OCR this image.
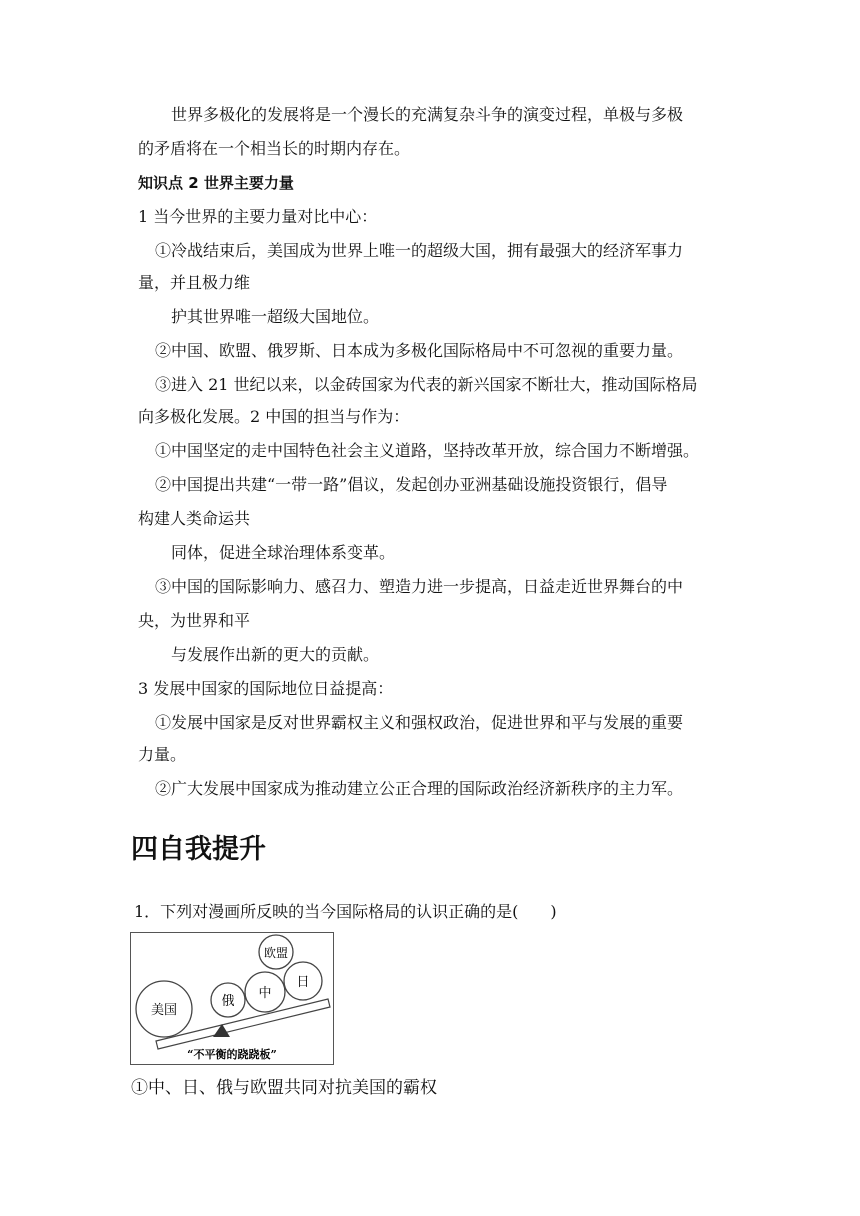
世界多极化的发展将是一个漫长的充满复杂斗争的演变过程，单极与多极
的矛盾将在一个相当长的时期内存在。
知识点 2 世界主要力量
1 当今世界的主要力量对比中心：
①冷战结束后，美国成为世界上唯一的超级大国，拥有最强大的经济军事力
量，并且极力维
护其世界唯一超级大国地位。
②中国、欧盟、俄罗斯、日本成为多极化国际格局中不可忽视的重要力量。
③进入 21 世纪以来，以金砖国家为代表的新兴国家不断壮大，推动国际格局
向多极化发展。2 中国的担当与作为：
①中国坚定的走中国特色社会主义道路，坚持改革开放，综合国力不断增强。
②中国提出共建“一带一路”倡议，发起创办亚洲基础设施投资银行，倡导
构建人类命运共
同体，促进全球治理体系变革。
③中国的国际影响力、感召力、塑造力进一步提高，日益走近世界舞台的中
央，为世界和平
与发展作出新的更大的贡献。
3 发展中国家的国际地位日益提高：
①发展中国家是反对世界霸权主义和强权政治，促进世界和平与发展的重要
力量。
②广大发展中国家成为推动建立公正合理的国际政治经济新秩序的主力军。
四自我提升
1．下列对漫画所反映的当今国际格局的认识正确的是(　　)
美国
俄
中
日
欧盟
“不平衡的跷跷板”
①中、日、俄与欧盟共同对抗美国的霸权
